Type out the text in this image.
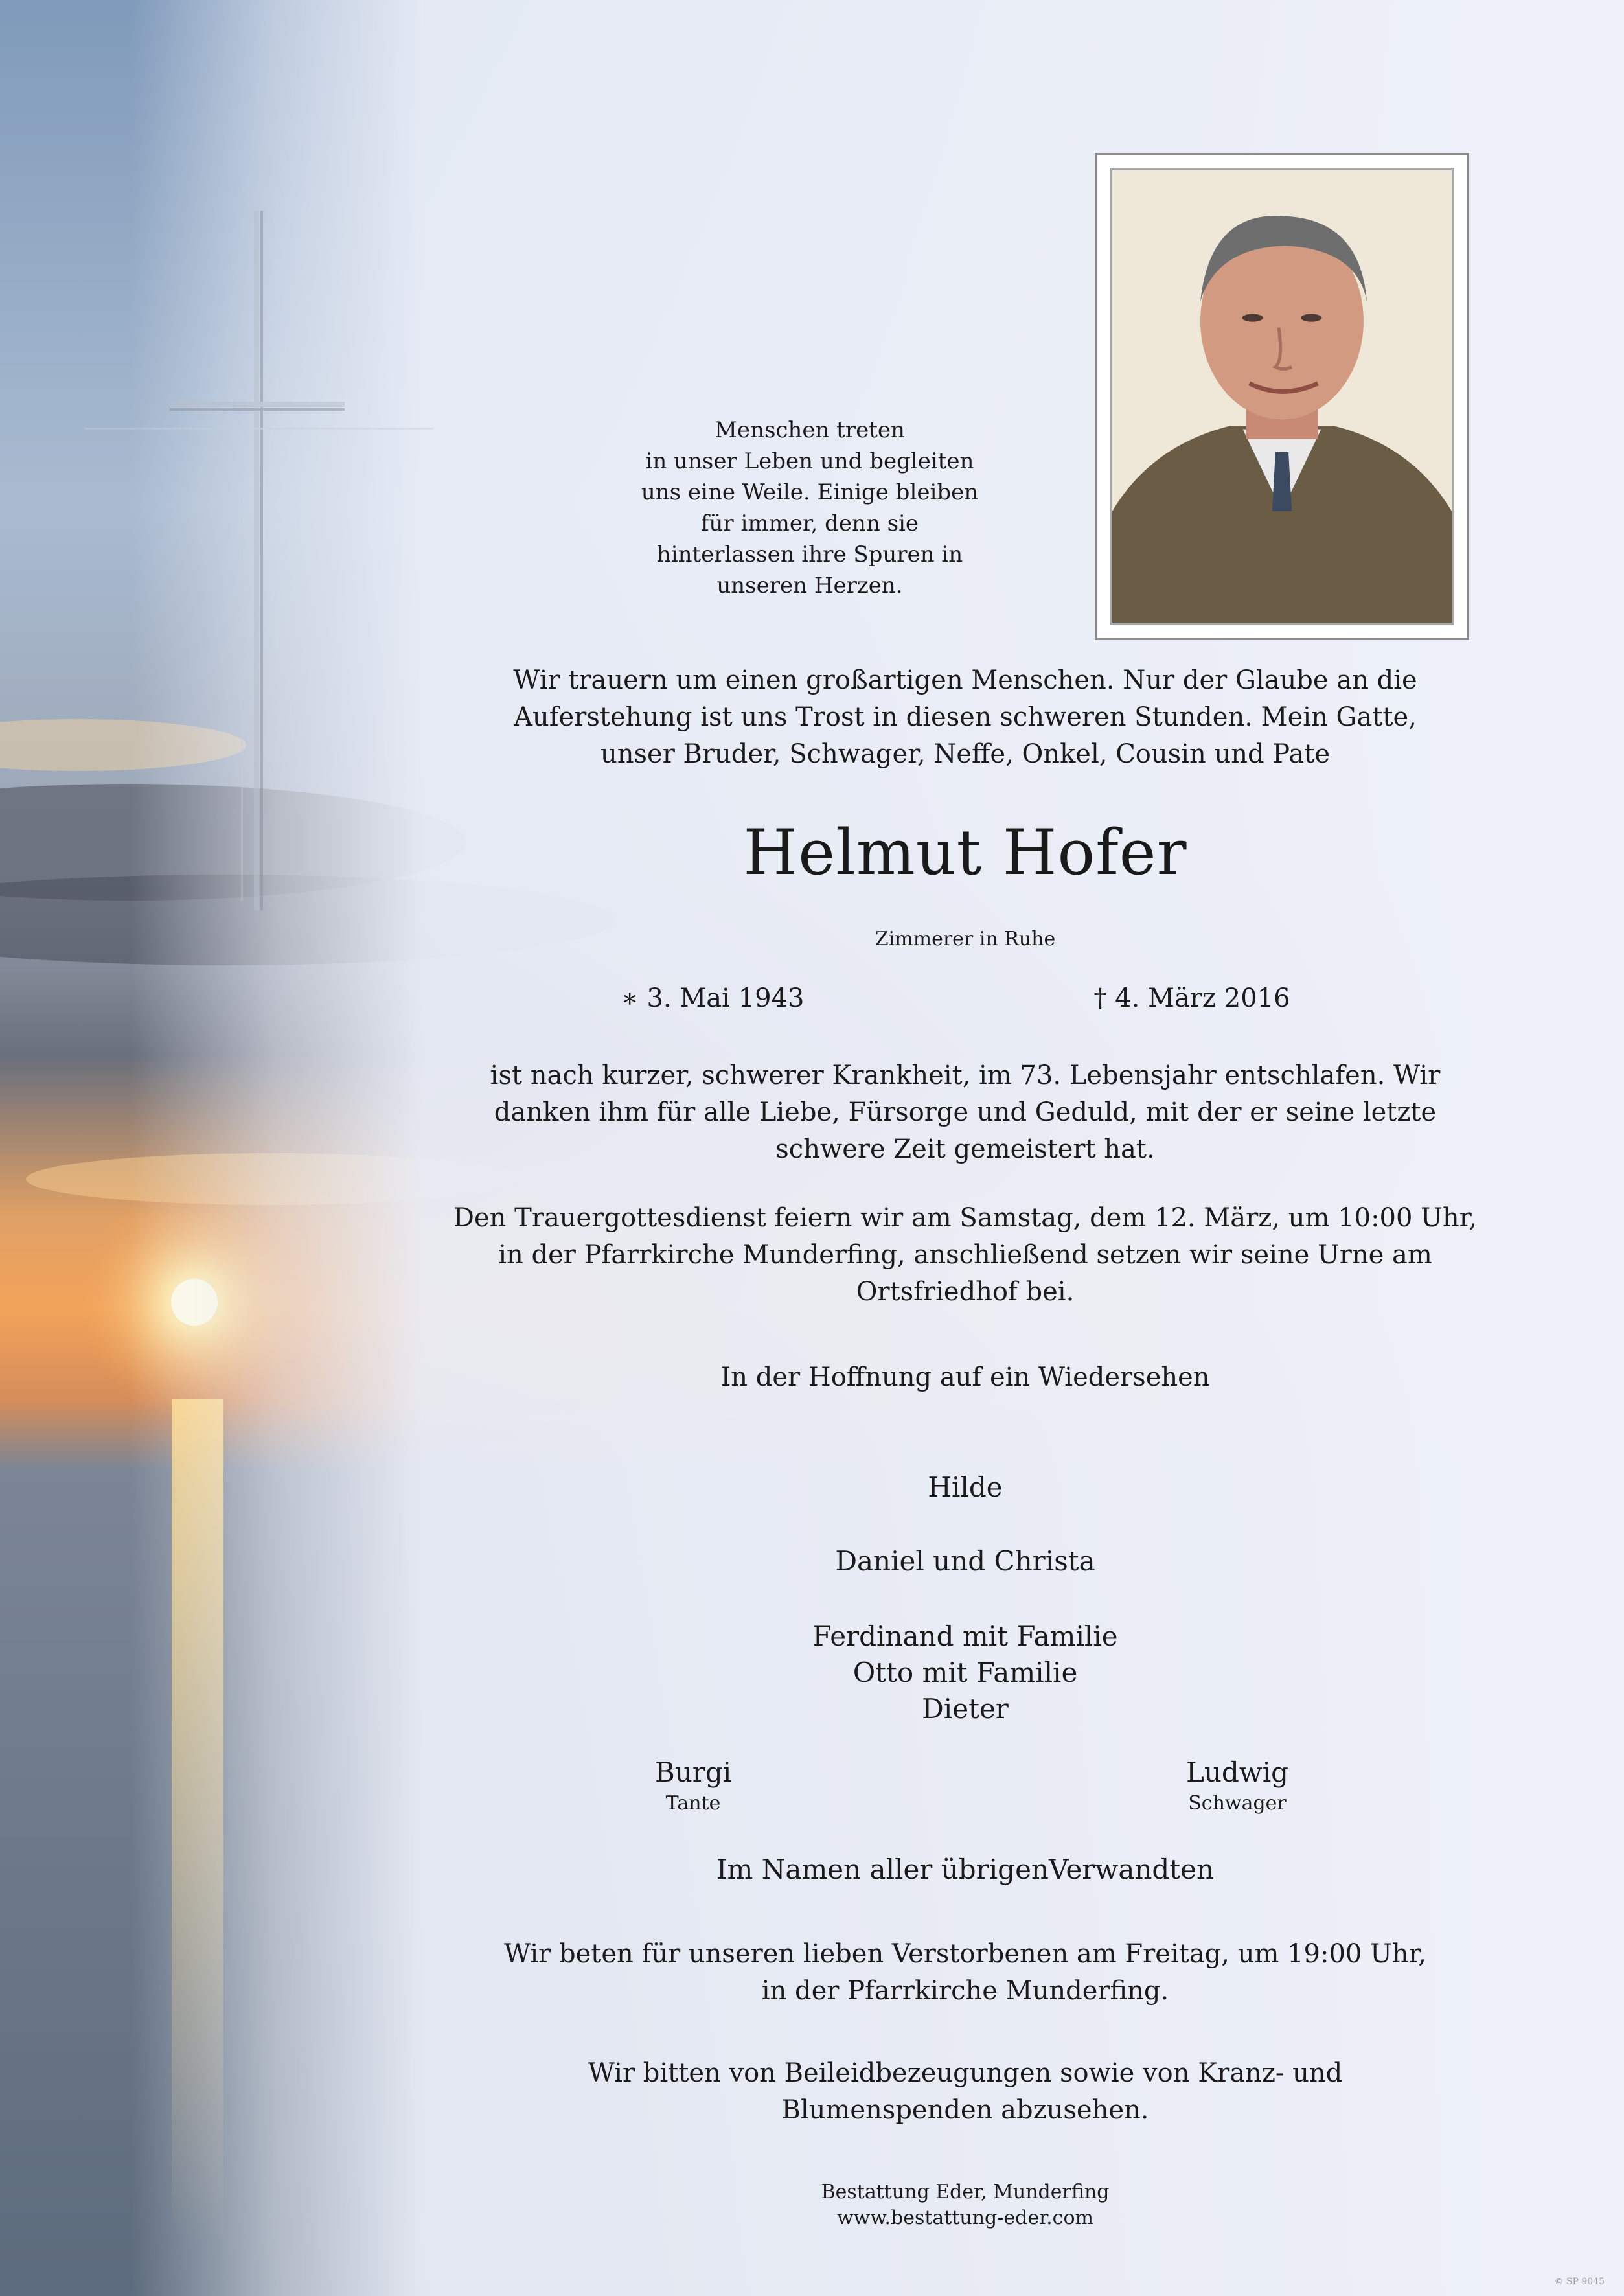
Menschen treten
in unser Leben und begleiten
uns eine Weile. Einige bleiben
für immer, denn sie
hinterlassen ihre Spuren in
unseren Herzen.
Wir trauern um einen großartigen Menschen. Nur der Glaube an die
Auferstehung ist uns Trost in diesen schweren Stunden. Mein Gatte,
unser Bruder, Schwager, Neffe, Onkel, Cousin und Pate
Helmut Hofer
Zimmerer in Ruhe
∗ 3. Mai 1943	† 4. März 2016
ist nach kurzer, schwerer Krankheit, im 73. Lebensjahr entschlafen. Wir
danken ihm für alle Liebe, Fürsorge und Geduld, mit der er seine letzte
schwere Zeit gemeistert hat.
Den Trauergottesdienst feiern wir am Samstag, dem 12. März, um 10:00 Uhr,
in der Pfarrkirche Munderfing, anschließend setzen wir seine Urne am
Ortsfriedhof bei.
In der Hoffnung auf ein Wiedersehen
Hilde
Daniel und Christa
Ferdinand mit Familie
Otto mit Familie
Dieter
Burgi
Tante
Ludwig
Schwager
Im Namen aller übrigenVerwandten
Wir beten für unseren lieben Verstorbenen am Freitag, um 19:00 Uhr,
in der Pfarrkirche Munderfing.
Wir bitten von Beileidbezeugungen sowie von Kranz- und
Blumenspenden abzusehen.
Bestattung Eder, Munderfing
www.bestattung-eder.com
© SP 9045
